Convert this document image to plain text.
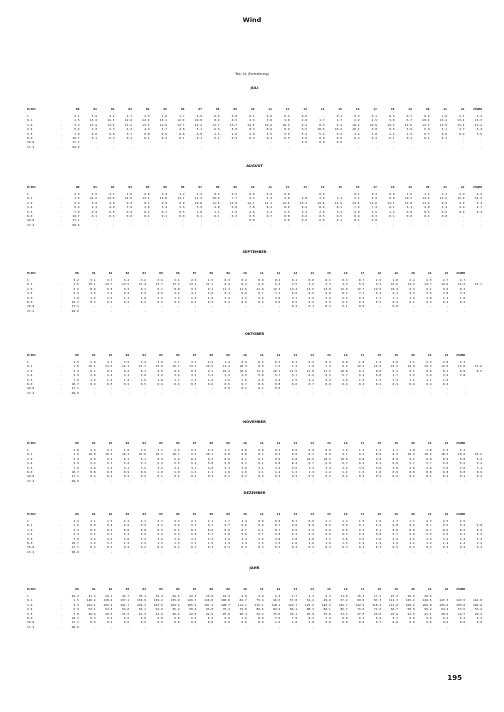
Wind
Tab. 14 (Fortsetzung)
JULI
M/SEC		00	01	02	03	04	05	06	07	08	09	10	11	12	13	14	15	16	17	18	19	20	21	22	23UHR
C		3.1	3.9	3.2	3.7	3.5	2.6	1.7	0.6	0.2	0.0	0.1	0.0	0.3	0.0	-	0.1	0.4	0.1	0.4	0.7	0.9	1.0	2.1	2.3
0.1	-	1.5	13.4	12.3	12.4	12.9	13.1	12.0	10.0	8.2	6.5	4.9	3.6	3.0	2.8	1.7	1.7	2.2	2.5	3.6	6.7	10.4	13.4	13.4	13.3
1.6	-	3.3	13.4	13.4	13.2	13.3	12.9	13.7	14.4	13.7	13.7	12.4	10.9	10.3	9.2	8.3	9.2	10.2	10.9	12.3	13.6	13.3	13.9	13.4	13.2
3.4	-	5.4	4.2	4.3	4.4	4.4	4.7	4.8	5.1	6.6	8.0	8.3	8.6	8.9	9.5	10.0	10.2	10.1	9.8	8.6	6.9	5.9	5.1	4.7	4.4
5.5	-	7.9	0.6	0.8	0.7	0.8	0.9	0.6	0.8	1.4	2.0	4.0	4.5	5.0	5.4	5.9	5.4	4.4	3.8	2.2	1.5	0.7	0.6	0.4	0.6
8.0	-	10.7	0.1	0.3	0.1	0.1	0.2	0.1	0.1	0.1	0.2	0.3	0.4	0.5	0.6	0.8	0.5	0.2	0.2	0.1	0.1	0.1	0.1	-	-
10.8	-	17.1	-	-	-	-	-	-	-	-	-	-	-	-	0.0	0.0	0.0	-	-	-	-	-	-	-	-
17.2	-	99.9	-	-	-	-	-	-	-	-	-	-	-	-	-	-	-	-	-	-	-	-	-	-	-
AUGUST
M/SEC		00	01	02	03	04	05	06	07	08	09	10	11	12	13	14	15	16	17	18	19	20	21	22	23UHR
C		2.3	2.9	3.1	2.9	2.8	3.2	3.2	1.5	0.4	0.2	0.0	0.0	0.0	-	0.0	-	0.1	0.3	0.8	1.6	1.4	2.1	2.9	2.3
0.1	-	1.5	14.2	13.6	14.0	13.5	13.8	13.1	11.2	10.0	7.7	6.3	5.2	3.8	3.8	3.2	3.1	3.1	4.5	6.9	10.3	12.9	13.2	13.9	14.2
1.6	-	3.3	9.9	9.9	9.3	9.7	9.9	9.9	10.8	11.5	12.9	12.7	12.1	12.4	13.3	12.8	13.5	14.2	13.6	14.1	12.8	11.0	9.9	9.2	9.3
3.4	-	5.4	4.1	4.0	3.9	3.6	3.4	3.5	3.9	4.8	6.8	7.8	8.2	8.9	9.2	8.6	8.1	7.4	7.4	6.1	5.1	4.8	4.3	4.4	4.7
5.5	-	7.9	0.4	0.5	0.4	0.4	0.7	0.5	1.0	1.1	1.9	2.6	3.2	3.5	3.3	2.9	3.3	2.9	2.5	1.3	0.8	0.5	0.5	0.5	0.4
8.0	-	10.7	0.1	0.1	0.0	0.1	0.1	0.0	0.1	0.1	0.3	0.5	0.7	0.8	0.6	0.5	0.5	0.4	0.3	0.1	0.0	0.1	0.0	-	-
10.8	-	17.1	-	-	-	-	-	-	-	-	-	0.0	-	0.0	0.0	0.0	0.1	0.1	0.0	-	-	-	-	-	-
17.2	-	99.9	-	-	-	-	-	-	-	-	-	-	-	-	-	-	-	-	-	-	-	-	-	-	-
SEPTEMBER
M/SEC		00	01	02	03	04	05	06	07	08	09	10	11	12	13	14	15	16	17	18	19	20	21	22	23UHR	
C		3.2	3.1	3.3	3.4	3.2	3.6	3.1	2.6	1.5	0.3	0.2	0.0	0.1	0.1	0.0	0.1	0.3	0.7	1.5	1.8	2.4	2.5	2.7	2.7	
0.1	-	1.5	15.1	14.7	13.5	13.4	13.7	13.3	13.1	11.7	9.4	8.2	6.0	5.4	4.5	3.6	3.3	4.3	5.9	9.3	12.6	14.3	14.7	14.6	14.2	14.7
1.6	-	3.3	8.9	9.8	9.4	9.1	9.1	8.8	9.3	9.1	11.1	11.5	11.9	12.3	13.4	13.5	12.8	13.0	12.7	12.5	10.4	9.3	9.1	9.0	8.4	
3.4	-	5.4	3.5	3.9	3.4	3.4	3.6	3.4	4.1	4.6	5.1	5.6	6.7	7.1	6.6	6.9	6.9	8.3	7.7	4.3	4.1	3.4	3.5	3.8	3.2	
5.5	-	7.9	1.2	1.0	1.1	1.0	1.2	1.3	1.5	1.6	2.2	2.3	2.4	3.0	3.7	2.5	3.2	2.5	2.2	1.7	1.1	1.4	1.0	1.2	1.0	
8.0	-	10.7	0.3	0.2	0.3	0.2	0.2	0.2	0.2	0.3	0.3	0.5	0.5	0.5	0.5	0.5	0.5	0.4	0.4	0.3	0.2	0.1	0.3	0.2	0.2	
10.8	-	17.1	-	-	-	-	-	-	-	-	-	-	-	-	0.1	0.1	0.1	0.1	0.0	-	0.0	-	-	-	-	
17.2	-	99.9	-	-	-	-	-	-	-	-	-	-	-	-	-	-	-	-	-	-	-	-	-	-	-	
OKTOBER
M/SEC		00	01	02	03	04	05	06	07	08	09	10	11	12	13	14	15	16	17	18	19	20	21	22	23UHR	
C		2.5	3.9	4.3	3.9	3.4	3.6	2.7	3.3	2.2	1.4	0.5	0.5	0.3	0.1	0.2	0.4	0.8	1.8	1.5	2.0	3.1	2.3	2.8	2.4	
0.1	-	1.5	15.1	13.0	12.1	12.7	13.8	12.7	13.1	12.5	11.2	10.4	9.0	7.5	7.2	7.0	7.2	9.4	12.2	14.4	15.3	14.9	14.3	14.5	13.6	13.6
1.6	-	3.3	8.1	8.9	9.4	9.1	9.8	9.4	8.5	9.1	10.3	10.9	11.4	12.1	11.5	11.8	11.5	10.8	9.3	8.8	9.1	8.1	8.6	8.1	8.0	8.5
3.4	-	5.4	3.6	3.4	3.1	3.6	3.2	3.4	3.9	3.2	3.4	4.5	5.0	5.7	5.7	6.2	6.3	5.7	5.3	4.0	3.7	3.3	3.6	3.9	3.8	
5.5	-	7.9	1.4	1.4	1.4	1.6	1.8	1.7	1.5	1.6	1.5	1.6	2.0	2.4	2.5	2.2	2.4	1.6	1.3	1.3	1.3	1.1	1.1	1.0		
8.0	-	10.7	0.4	0.5	0.4	0.5	0.4	0.4	0.5	0.6	0.5	0.7	0.6	0.8	0.6	0.7	0.6	0.4	0.4	0.4	0.4	0.4	0.4	0.4		
10.8	-	17.1	-	-	-	-	-	-	-	-	0.0	0.1	0.1	0.0	-	-	-	-	-	-	-	-	-	-	-	
17.2	-	99.9	-	-	-	-	-	-	-	-	-	-	-	-	-	-	-	-	-	-	-	-	-	-	-	
NOVEMBER
M/SEC		00	01	02	03	04	05	06	07	08	09	10	11	12	13	14	15	16	17	18	19	20	21	22	23UHR	
C		2.8	2.4	2.3	1.8	2.5	2.1	2.5	2.5	2.4	1.5	0.8	0.8	0.4	0.5	0.9	0.9	1.5	1.3	1.4	1.7	2.0	1.8	2.2	2.4	
0.1	-	1.5	10.0	10.2	10.1	10.0	10.1	10.7	9.9	10.1	9.8	9.0	8.1	8.4	9.0	8.7	8.9	9.1	9.1	8.9	9.3	10.4	10.2	10.3	10.2	10.2
1.6	-	3.3	9.0	9.2	9.1	9.1	8.9	9.2	8.5	9.3	8.6	9.1	9.1	8.9	9.8	10.5	10.3	10.0	9.8	9.0	8.9	9.1	9.0	8.9	8.8	9.2
3.4	-	5.4	5.4	5.3	5.2	5.1	5.3	5.5	5.2	5.8	5.9	6.1	6.1	6.8	6.4	6.7	6.9	6.7	6.3	6.1	6.0	5.7	5.7	5.6	5.5	5.4
5.5	-	7.9	3.0	3.0	3.1	3.2	3.2	3.1	3.1	3.0	3.1	3.0	3.1	3.2	3.6	3.3	3.4	3.4	3.0	3.0	3.0	3.0	3.0	3.0	3.0	3.1
8.0	-	10.7	0.8	0.8	0.9	0.9	1.0	1.0	1.0	1.1	1.0	1.0	1.1	1.2	1.2	1.3	1.2	1.1	1.0	1.0	0.9	0.8	0.8	0.8	0.8	0.9
10.8	-	17.1	0.2	0.2	0.2	0.2	0.1	0.2	0.2	0.3	0.2	0.2	0.2	0.3	0.2	0.2	0.2	0.2	0.2	0.2	0.2	0.1	0.1	0.2	0.2	0.2
17.2	-	99.9	-	-	-	-	-	-	-	-	-	-	-	-	-	-	-	-	-	-	-	-	-	-	-	
DEZEMBER
M/SEC		00	01	02	03	04	05	06	07	08	09	10	11	12	13	14	15	16	17	18	19	20	21	22	23UHR	
C		2.2	2.1	1.9	2.1	2.1	2.1	2.3	2.1	2.1	1.7	1.4	0.9	0.6	0.7	0.9	1.1	1.4	1.5	1.6	1.7	1.7	2.3	2.5	2.5	
0.1	-	1.5	9.9	9.8	9.9	9.4	9.4	9.4	9.5	9.7	9.7	9.6	9.2	8.7	9.0	8.9	8.9	9.0	9.1	9.2	9.8	9.5	9.7	9.5	9.4	9.8
1.6	-	3.3	8.6	8.6	8.8	8.8	8.5	8.5	8.5	8.6	8.9	8.7	9.1	8.7	9.5	9.4	9.6	9.6	9.4	9.1	8.8	8.8	8.7	8.6	8.4	8.6
3.4	-	5.4	5.5	5.2	5.3	5.4	5.2	5.3	5.8	5.7	5.6	5.6	5.7	5.8	6.3	6.5	6.5	6.3	5.9	5.8	5.7	5.6	5.5	5.5	5.7	5.4
5.5	-	7.9	3.4	3.4	3.6	3.4	3.2	3.4	3.4	3.3	3.6	3.4	3.4	3.8	3.8	4.0	3.7	3.6	3.6	3.6	3.4	3.3	3.4	3.4	3.4	3.4
8.0	-	10.7	1.2	1.3	1.3	1.2	1.3	1.3	1.3	1.5	1.4	1.4	1.5	1.5	1.6	1.6	1.6	1.5	1.3	1.4	1.2	1.2	1.2	1.2	1.2	1.2
10.8	-	17.1	0.2	0.2	0.2	0.2	0.2	0.2	0.3	0.2	0.3	0.3	0.3	0.3	0.3	0.3	0.3	0.3	0.3	0.3	0.2	0.3	0.2	0.2	0.2	0.2
17.2	-	99.9	-	-	-	-	-	-	-	-	-	-	-	-	-	-	-	-	-	-	-	-	-	-	-	
JAHR
M/SEC		00	01	02	03	04	05	06	07	08	09	10	11	12	13	14	15	16	17	18	19	20	21	22	23UHR	
C		29.2	31.3	34.1	32.7	33.1	32.4	29.5	22.4	15.9	10.3	4.6	3.0	2.3	2.7	4.2	6.3	11.0	15.3	17.1	21.3	25.9	26.5			
0.1	-	1.5	140.4	138.4	137.1	139.9	139.2	135.9	126.3	116.0	100.8	84.7	75.4	66.5	57.8	51.4	49.6	57.2	69.0	87.3	111.3	125.2	146.5	147.3	143.5	142.0
1.6	-	3.3	104.1	103.2	101.7	102.3	103.0	104.4	105.4	107.4	108.7	112.1	115.1	118.1	122.7	125.5	126.3	125.7	122.5	118.2	113.6	108.2	106.8	104.4	103.0	104.0
3.4	-	5.4	53.1	53.8	54.6	54.1	54.9	55.2	58.4	63.8	70.3	76.0	80.5	84.6	86.1	88.3	89.1	85.7	79.6	71.5	64.7	58.9	56.2	54.2	53.5	53.2
5.5	-	7.9	20.6	20.6	21.5	21.3	21.0	20.4	22.0	22.9	25.0	28.4	32.3	33.6	34.1	35.9	35.0	31.3	27.5	24.0	22.6	21.6	21.1	20.9	19.7	20.4
8.0	-	10.7	5.3	5.4	5.5	5.9	5.8	5.8	5.9	6.2	6.6	7.2	8.0	7.6	7.9	8.3	7.4	6.8	6.1	5.9	5.7	5.6	5.6	5.4	5.3	5.3
10.8	-	17.1	0.6	0.6	0.6	0.5	0.6	0.8	0.8	0.8	0.9	0.9	0.9	1.0	1.0	1.0	0.8	0.8	0.8	0.7	0.6	0.6	0.6	0.6	0.6	0.6
17.2	-	99.9	-	-	-	-	-	-	-	-	-	-	-	-	-	-	-	-	-	-	-	-	-	-	-	
195
